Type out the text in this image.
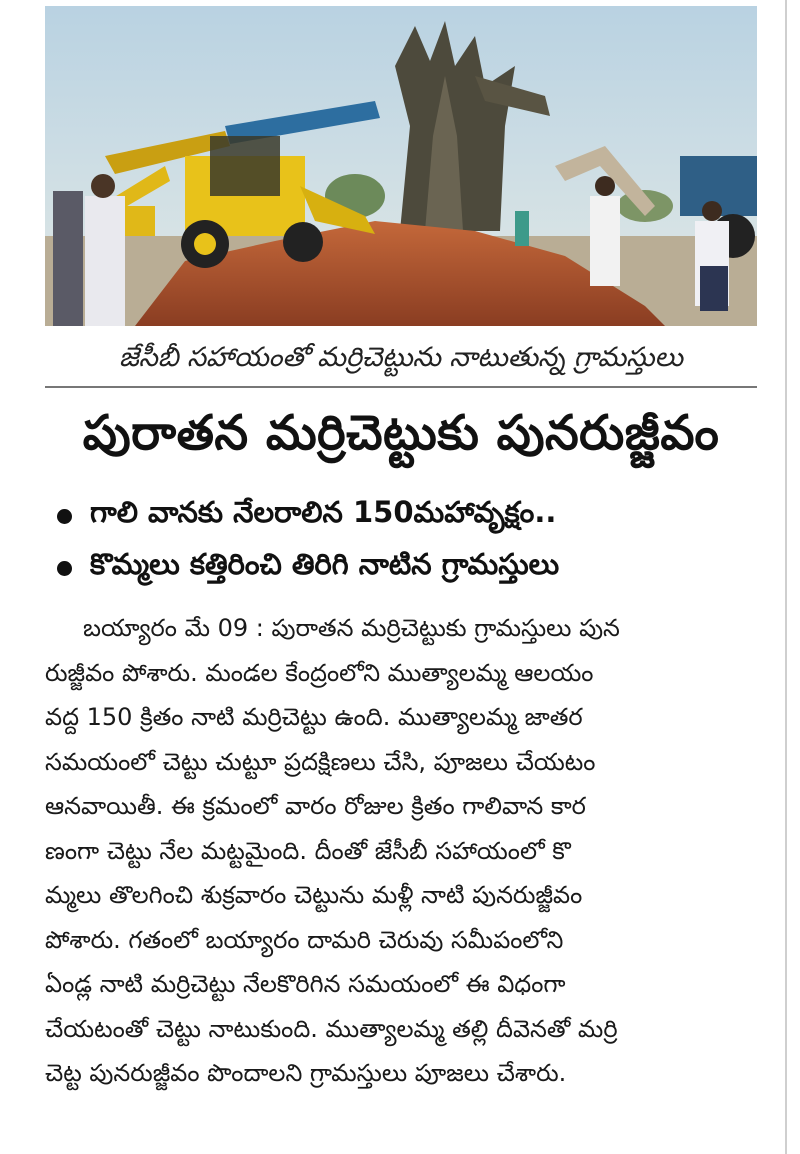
జేసీబీ సహాయంతో మర్రిచెట్టును నాటుతున్న గ్రామస్తులు
పురాతన మర్రిచెట్టుకు పునరుజ్జీవం
గాలి వానకు నేలరాలిన 150మహావృక్షం..
కొమ్మలు కత్తిరించి తిరిగి నాటిన గ్రామస్తులు
బయ్యారం మే 09 : పురాతన మర్రిచెట్టుకు గ్రామస్తులు పున
రుజ్జీవం పోశారు. మండల కేంద్రంలోని ముత్యాలమ్మ ఆలయం
వద్ద 150 క్రితం నాటి మర్రిచెట్టు ఉంది. ముత్యాలమ్మ జాతర
సమయంలో చెట్టు చుట్టూ ప్రదక్షిణలు చేసి, పూజలు చేయటం
ఆనవాయితీ. ఈ క్రమంలో వారం రోజుల క్రితం గాలివాన కార
ణంగా చెట్టు నేల మట్టమైంది. దీంతో జేసీబీ సహాయంలో కొ
మ్మలు తొలగించి శుక్రవారం చెట్టును మళ్లీ నాటి పునరుజ్జీవం
పోశారు. గతంలో బయ్యారం దామరి చెరువు సమీపంలోని
ఏండ్ల నాటి మర్రిచెట్టు నేలకొరిగిన సమయంలో ఈ విధంగా
చేయటంతో చెట్టు నాటుకుంది. ముత్యాలమ్మ తల్లి దీవెనతో మర్రి
చెట్ట పునరుజ్జీవం పొందాలని గ్రామస్తులు పూజలు చేశారు.
